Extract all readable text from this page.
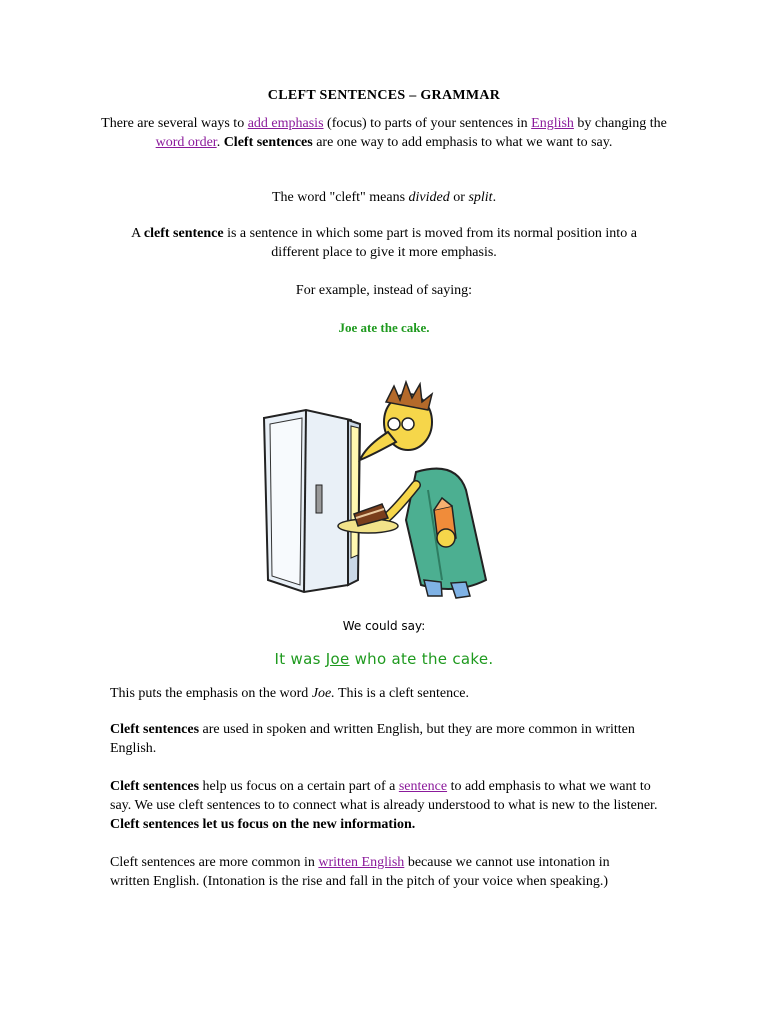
CLEFT SENTENCES – GRAMMAR
There are several ways to add emphasis (focus) to parts of your sentences in English by changing the word order. Cleft sentences are one way to add emphasis to what we want to say.
The word "cleft" means divided or split.
A cleft sentence is a sentence in which some part is moved from its normal position into a different place to give it more emphasis.
For example, instead of saying:
Joe ate the cake.
We could say:
It was Joe who ate the cake.
This puts the emphasis on the word Joe. This is a cleft sentence.
Cleft sentences are used in spoken and written English, but they are more common in written English.
Cleft sentences help us focus on a certain part of a sentence to add emphasis to what we want to say. We use cleft sentences to to connect what is already understood to what is new to the listener. Cleft sentences let us focus on the new information.
Cleft sentences are more common in written English because we cannot use intonation in written English. (Intonation is the rise and fall in the pitch of your voice when speaking.)
